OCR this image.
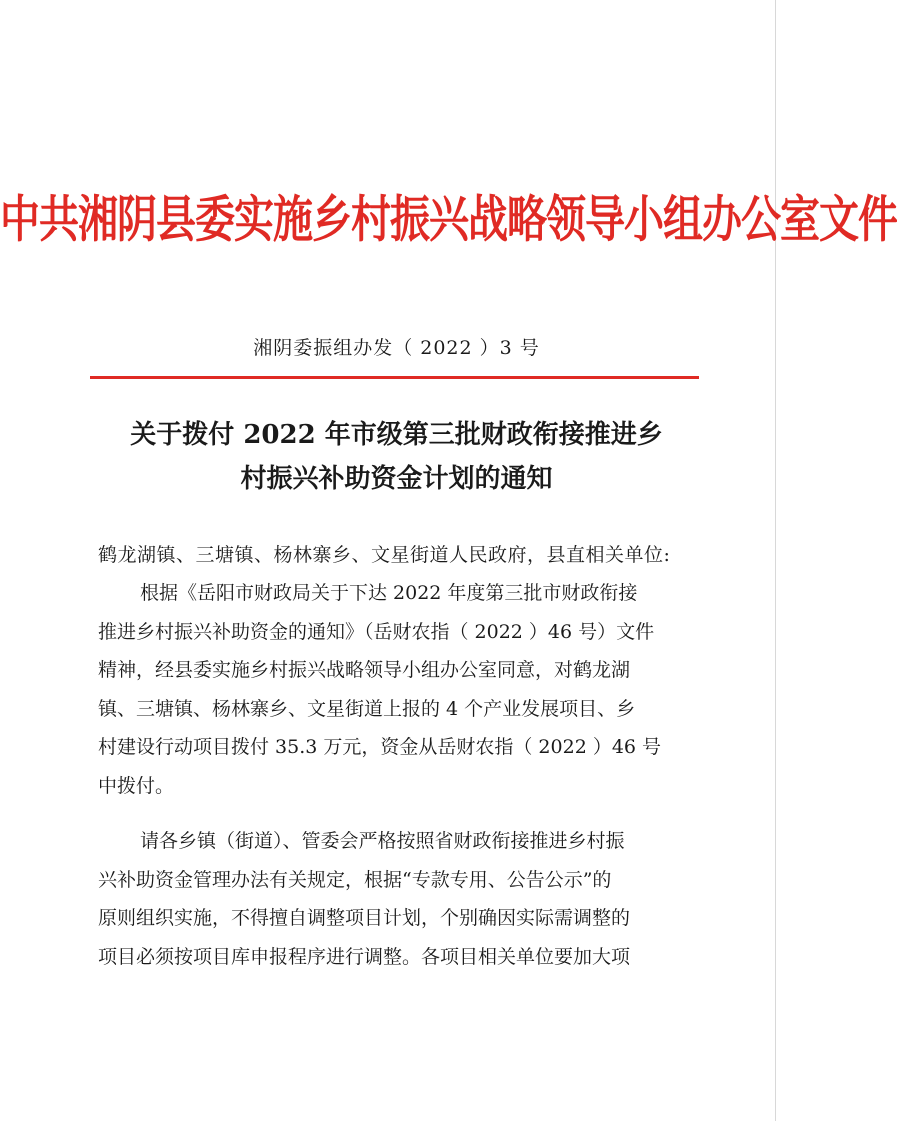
中共湘阴县委实施乡村振兴战略领导小组办公室文件
湘阴委振组办发（ 2022 ）3 号
关于拨付 2022 年市级第三批财政衔接推进乡
村振兴补助资金计划的通知
鹤龙湖镇、三塘镇、杨林寨乡、文星街道人民政府，县直相关单位:
根据《岳阳市财政局关于下达 2022 年度第三批市财政衔接
推进乡村振兴补助资金的通知》（岳财农指（ 2022 ）46 号）文件
精神，经县委实施乡村振兴战略领导小组办公室同意，对鹤龙湖
镇、三塘镇、杨林寨乡、文星街道上报的 4 个产业发展项目、乡
村建设行动项目拨付 35.3 万元，资金从岳财农指（ 2022 ）46 号
中拨付。
请各乡镇（街道）、管委会严格按照省财政衔接推进乡村振
兴补助资金管理办法有关规定，根据“专款专用、公告公示”的
原则组织实施，不得擅自调整项目计划，个别确因实际需调整的
项目必须按项目库申报程序进行调整。各项目相关单位要加大项
